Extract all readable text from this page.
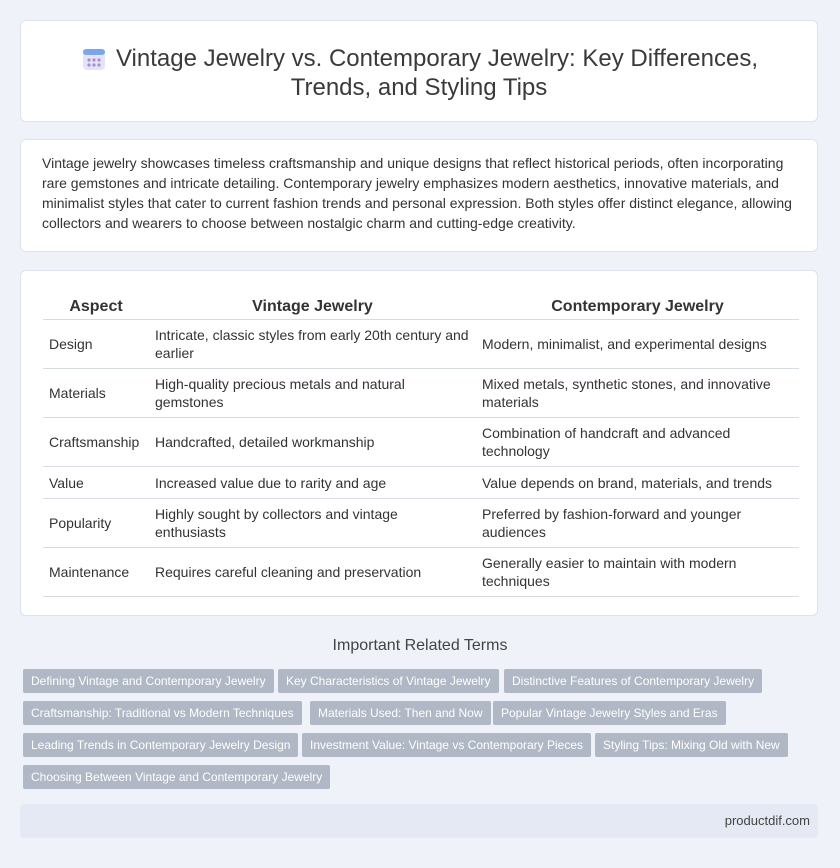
Vintage Jewelry vs. Contemporary Jewelry: Key Differences,
Trends, and Styling Tips

Vintage jewelry showcases timeless craftsmanship and unique designs that reflect historical periods, often incorporating rare gemstones and intricate detailing. Contemporary jewelry emphasizes modern aesthetics, innovative materials, and minimalist styles that cater to current fashion trends and personal expression. Both styles offer distinct elegance, allowing collectors and wearers to choose between nostalgic charm and cutting-edge creativity.

Aspect	Vintage Jewelry	Contemporary Jewelry
Design	Intricate, classic styles from early 20th century and earlier	Modern, minimalist, and experimental designs
Materials	High-quality precious metals and natural gemstones	Mixed metals, synthetic stones, and innovative materials
Craftsmanship	Handcrafted, detailed workmanship	Combination of handcraft and advanced technology
Value	Increased value due to rarity and age	Value depends on brand, materials, and trends
Popularity	Highly sought by collectors and vintage enthusiasts	Preferred by fashion-forward and younger audiences
Maintenance	Requires careful cleaning and preservation	Generally easier to maintain with modern techniques
Important Related Terms
Defining Vintage and Contemporary Jewelry	Key Characteristics of Vintage Jewelry	Distinctive Features of Contemporary Jewelry
Craftsmanship: Traditional vs Modern Techniques	Materials Used: Then and Now	Popular Vintage Jewelry Styles and Eras
Leading Trends in Contemporary Jewelry Design	Investment Value: Vintage vs Contemporary Pieces	Styling Tips: Mixing Old with New
Choosing Between Vintage and Contemporary Jewelry
productdif.com
